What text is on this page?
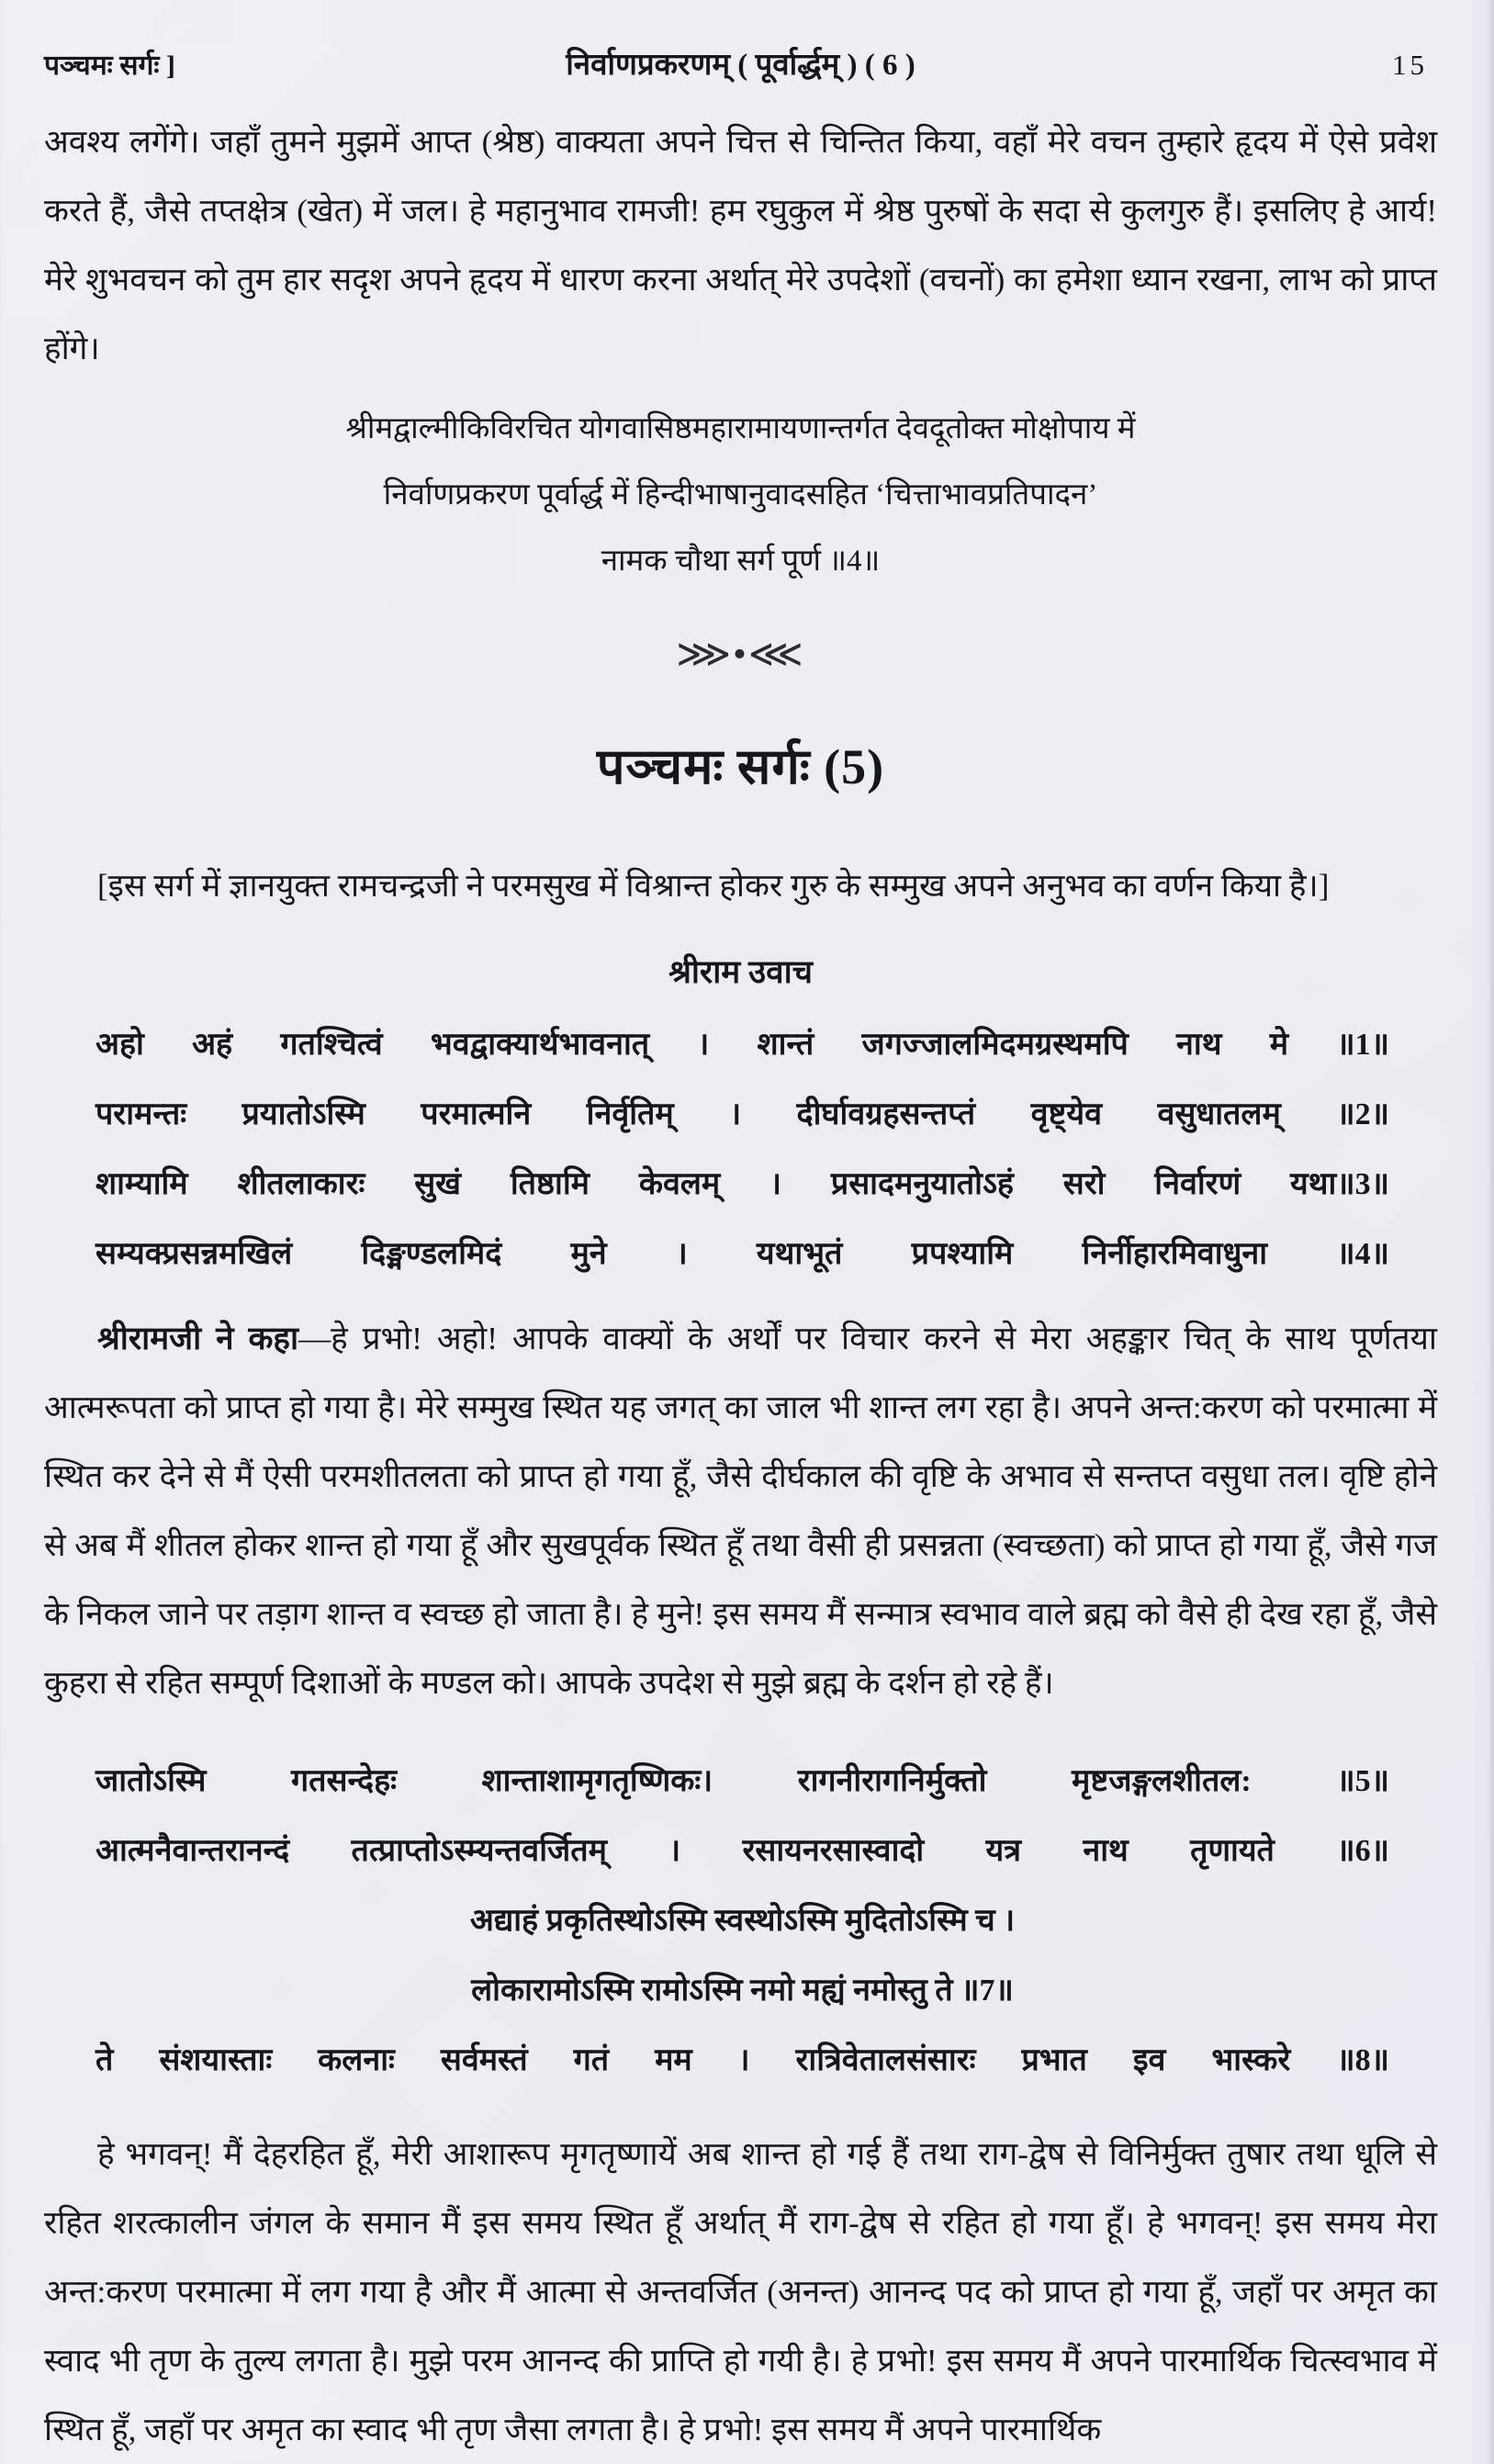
पञ्चमः सर्गः ]	निर्वाणप्रकरणम् ( पूर्वार्द्धम् ) ( 6 )	15

अवश्य लगेंगे। जहाँ तुमने मुझमें आप्त (श्रेष्ठ) वाक्यता अपने चित्त से चिन्तित किया, वहाँ मेरे वचन तुम्हारे हृदय में ऐसे प्रवेश करते हैं, जैसे तप्तक्षेत्र (खेत) में जल। हे महानुभाव रामजी! हम रघुकुल में श्रेष्ठ पुरुषों के सदा से कुलगुरु हैं। इसलिए हे आर्य! मेरे शुभवचन को तुम हार सदृश अपने हृदय में धारण करना अर्थात् मेरे उपदेशों (वचनों) का हमेशा ध्यान रखना, लाभ को प्राप्त होंगे।

श्रीमद्वाल्मीकिविरचित योगवासिष्ठमहारामायणान्तर्गत देवदूतोक्त मोक्षोपाय में
निर्वाणप्रकरण पूर्वार्द्ध में हिन्दीभाषानुवादसहित ‘चित्ताभावप्रतिपादन’
नामक चौथा सर्ग पूर्ण ॥4॥
⋙•⋘
पञ्चमः सर्गः (5)

[इस सर्ग में ज्ञानयुक्त रामचन्द्रजी ने परमसुख में विश्रान्त होकर गुरु के सम्मुख अपने अनुभव का वर्णन किया है।]

श्रीराम उवाच
अहो अहं गतश्चित्वं भवद्वाक्यार्थभावनात् । शान्तं जगज्जालमिदमग्रस्थमपि नाथ मे ॥1॥
परामन्तः प्रयातोऽस्मि परमात्मनि निर्वृतिम् । दीर्घावग्रहसन्तप्तं वृष्ट्येव वसुधातलम् ॥2॥
शाम्यामि शीतलाकारः सुखं तिष्ठामि केवलम् । प्रसादमनुयातोऽहं सरो निर्वारणं यथा॥3॥
सम्यक्प्रसन्नमखिलं दिङ्मण्डलमिदं मुने । यथाभूतं प्रपश्यामि निर्नीहारमिवाधुना ॥4॥

श्रीरामजी ने कहा—हे प्रभो! अहो! आपके वाक्यों के अर्थों पर विचार करने से मेरा अहङ्कार चित् के साथ पूर्णतया आत्मरूपता को प्राप्त हो गया है। मेरे सम्मुख स्थित यह जगत् का जाल भी शान्त लग रहा है। अपने अन्त:करण को परमात्मा में स्थित कर देने से मैं ऐसी परमशीतलता को प्राप्त हो गया हूँ, जैसे दीर्घकाल की वृष्टि के अभाव से सन्तप्त वसुधा तल। वृष्टि होने से अब मैं शीतल होकर शान्त हो गया हूँ और सुखपूर्वक स्थित हूँ तथा वैसी ही प्रसन्नता (स्वच्छता) को प्राप्त हो गया हूँ, जैसे गज के निकल जाने पर तड़ाग शान्त व स्वच्छ हो जाता है। हे मुने! इस समय मैं सन्मात्र स्वभाव वाले ब्रह्म को वैसे ही देख रहा हूँ, जैसे कुहरा से रहित सम्पूर्ण दिशाओं के मण्डल को। आपके उपदेश से मुझे ब्रह्म के दर्शन हो रहे हैं।

जातोऽस्मि गतसन्देहः शान्ताशामृगतृष्णिकः। रागनीरागनिर्मुक्तो मृष्टजङ्गलशीतल: ॥5॥
आत्मनैवान्तरानन्दं तत्प्राप्तोऽस्म्यन्तवर्जितम् । रसायनरसास्वादो यत्र नाथ तृणायते ॥6॥
अद्याहं प्रकृतिस्थोऽस्मि स्वस्थोऽस्मि मुदितोऽस्मि च ।
लोकारामोऽस्मि रामोऽस्मि नमो मह्यं नमोस्तु ते ॥7॥
ते संशयास्ताः कलनाः सर्वमस्तं गतं मम । रात्रिवेतालसंसारः प्रभात इव भास्करे ॥8॥

हे भगवन्! मैं देहरहित हूँ, मेरी आशारूप मृगतृष्णायें अब शान्त हो गई हैं तथा राग-द्वेष से विनिर्मुक्त तुषार तथा धूलि से रहित शरत्कालीन जंगल के समान मैं इस समय स्थित हूँ अर्थात् मैं राग-द्वेष से रहित हो गया हूँ। हे भगवन्! इस समय मेरा अन्त:करण परमात्मा में लग गया है और मैं आत्मा से अन्तवर्जित (अनन्त) आनन्द पद को प्राप्त हो गया हूँ, जहाँ पर अमृत का स्वाद भी तृण के तुल्य लगता है। मुझे परम आनन्द की प्राप्ति हो गयी है। हे प्रभो! इस समय मैं अपने पारमार्थिक चित्स्वभाव में स्थित हूँ, जहाँ पर अमृत का स्वाद भी तृण जैसा लगता है। हे प्रभो! इस समय मैं अपने पारमार्थिक
